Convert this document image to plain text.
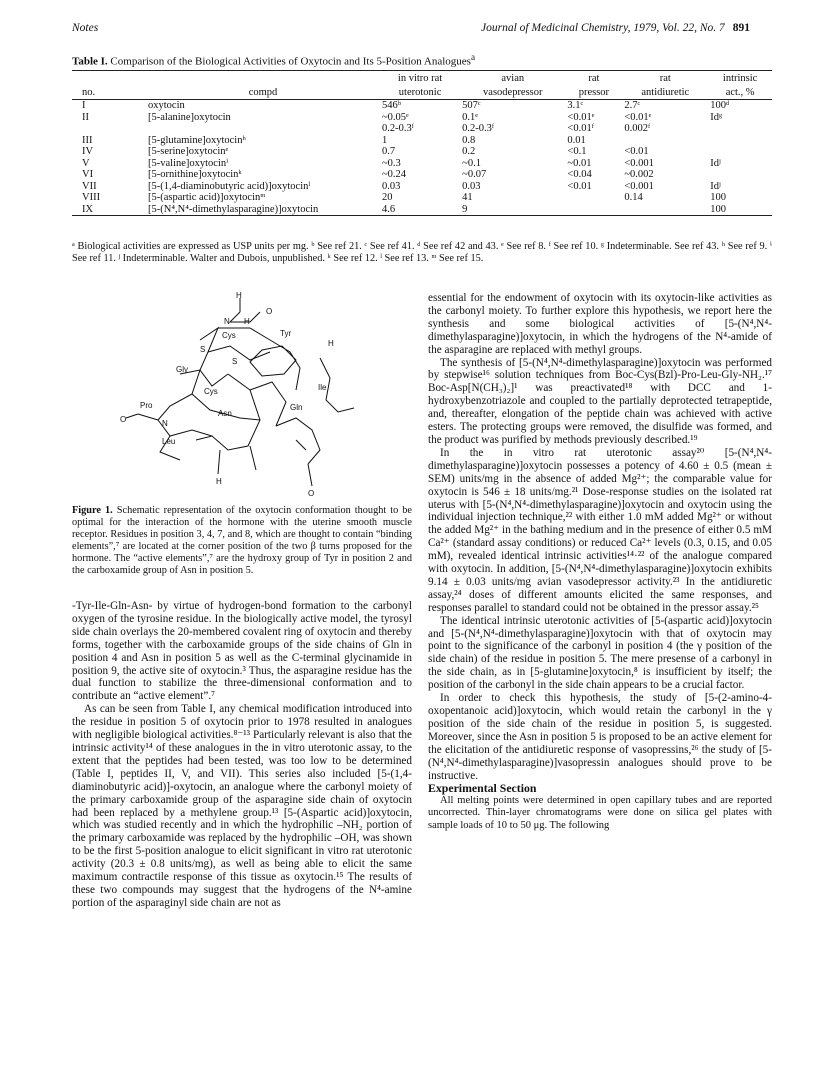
Notes	Journal of Medicinal Chemistry, 1979, Vol. 22, No. 7 891
Table I. Comparison of the Biological Activities of Oxytocin and Its 5-Position Analogues$^a$
		in vitro rat	avian	rat	rat	intrinsic
no.	compd	uterotonic	vasodepressor	pressor	antidiuretic	act., %
I	oxytocin	546ᵇ	507ᶜ	3.1ᶜ	2.7ᶜ	100ᵈ
II	[5-alanine]oxytocin	~0.05ᵉ	0.1ᵉ	<0.01ᵉ	<0.01ᵉ	Idᵍ
		0.2-0.3ᶠ	0.2-0.3ᶠ	<0.01ᶠ	0.002ᶠ	
III	[5-glutamine]oxytocinʰ	1	0.8	0.01		
IV	[5-serine]oxytocinᵉ	0.7	0.2	<0.1	<0.01	
V	[5-valine]oxytocinⁱ	~0.3	~0.1	~0.01	<0.001	Idʲ
VI	[5-ornithine]oxytocinᵏ	~0.24	~0.07	<0.04	~0.002	
VII	[5-(1,4-diaminobutyric acid)]oxytocinˡ	0.03	0.03	<0.01	<0.001	Idʲ
VIII	[5-(aspartic acid)]oxytocinᵐ	20	41		0.14	100
IX	[5-(N⁴,N⁴-dimethylasparagine)]oxytocin	4.6	9			100
ᵃ Biological activities are expressed as USP units per mg. ᵇ See ref 21. ᶜ See ref 41. ᵈ See ref 42 and 43. ᵉ See ref 8. ᶠ See ref 10. ᵍ Indeterminable. See ref 43. ʰ See ref 9. ⁱ See ref 11. ʲ Indeterminable. Walter and Dubois, unpublished. ᵏ See ref 12. ˡ See ref 13. ᵐ See ref 15.
H
N H
O
Cys	Tyr
S
H
S
Gly
Ile
Cys
Pro
Asn
O	N
Gln
Leu
H
O
Figure 1. Schematic representation of the oxytocin conformation thought to be optimal for the interaction of the hormone with the uterine smooth muscle receptor. Residues in position 3, 4, 7, and 8, which are thought to contain “binding elements”,⁷ are located at the corner position of the two β turns proposed for the hormone. The “active elements”,⁷ are the hydroxy group of Tyr in position 2 and the carboxamide group of Asn in position 5.

-Tyr-Ile-Gln-Asn- by virtue of hydrogen-bond formation to the carbonyl oxygen of the tyrosine residue. In the biologically active model, the tyrosyl side chain overlays the 20-membered covalent ring of oxytocin and thereby forms, together with the carboxamide groups of the side chains of Gln in position 4 and Asn in position 5 as well as the C-terminal glycinamide in position 9, the active site of oxytocin.³ Thus, the asparagine residue has the dual function to stabilize the three-dimensional conformation and to contribute an “active element”.⁷

As can be seen from Table I, any chemical modification introduced into the residue in position 5 of oxytocin prior to 1978 resulted in analogues with negligible biological activities.⁸⁻¹³ Particularly relevant is also that the intrinsic activity¹⁴ of these analogues in the in vitro uterotonic assay, to the extent that the peptides had been tested, was too low to be determined (Table I, peptides II, V, and VII). This series also included [5-(1,4-diaminobutyric acid)]-oxytocin, an analogue where the carbonyl moiety of the primary carboxamide group of the asparagine side chain of oxytocin had been replaced by a methylene group.¹³ [5-(Aspartic acid)]oxytocin, which was studied recently and in which the hydrophilic –NH₂ portion of the primary carboxamide was replaced by the hydrophilic –OH, was shown to be the first 5-position analogue to elicit significant in vitro rat uterotonic activity (20.3 ± 0.8 units/mg), as well as being able to elicit the same maximum contractile response of this tissue as oxytocin.¹⁵ The results of these two compounds may suggest that the hydrogens of the N⁴-amine portion of the asparaginyl side chain are not as

essential for the endowment of oxytocin with its oxytocin-like activities as the carbonyl moiety. To further explore this hypothesis, we report here the synthesis and some biological activities of [5-(N⁴,N⁴-dimethylasparagine)]oxytocin, in which the hydrogens of the N⁴-amide of the asparagine are replaced with methyl groups.

The synthesis of [5-(N⁴,N⁴-dimethylasparagine)]oxytocin was performed by stepwise¹⁶ solution techniques from Boc-Cys(Bzl)-Pro-Leu-Gly-NH₂.¹⁷ Boc-Asp[N(CH₃)₂]¹ was preactivated¹⁸ with DCC and 1-hydroxybenzotriazole and coupled to the partially deprotected tetrapeptide, and, thereafter, elongation of the peptide chain was achieved with active esters. The protecting groups were removed, the disulfide was formed, and the product was purified by methods previously described.¹⁹

In the in vitro rat uterotonic assay²⁰ [5-(N⁴,N⁴-dimethylasparagine)]oxytocin possesses a potency of 4.60 ± 0.5 (mean ± SEM) units/mg in the absence of added Mg²⁺; the comparable value for oxytocin is 546 ± 18 units/mg.²¹ Dose-response studies on the isolated rat uterus with [5-(N⁴,N⁴-dimethylasparagine)]oxytocin and oxytocin using the individual injection technique,²² with either 1.0 mM added Mg²⁺ or without the added Mg²⁺ in the bathing medium and in the presence of either 0.5 mM Ca²⁺ (standard assay conditions) or reduced Ca²⁺ levels (0.3, 0.15, and 0.05 mM), revealed identical intrinsic activities¹⁴·²² of the analogue compared with oxytocin. In addition, [5-(N⁴,N⁴-dimethylasparagine)]oxytocin exhibits 9.14 ± 0.03 units/mg avian vasodepressor activity.²³ In the antidiuretic assay,²⁴ doses of different amounts elicited the same responses, and responses parallel to standard could not be obtained in the pressor assay.²⁵

The identical intrinsic uterotonic activities of [5-(aspartic acid)]oxytocin and [5-(N⁴,N⁴-dimethylasparagine)]oxytocin with that of oxytocin may point to the significance of the carbonyl in position 4 (the γ position of the side chain) of the residue in position 5. The mere presense of a carbonyl in the side chain, as in [5-glutamine]oxytocin,⁸ is insufficient by itself; the position of the carbonyl in the side chain appears to be a crucial factor.

In order to check this hypothesis, the study of [5-(2-amino-4-oxopentanoic acid)]oxytocin, which would retain the carbonyl in the γ position of the side chain of the residue in position 5, is suggested. Moreover, since the Asn in position 5 is proposed to be an active element for the elicitation of the antidiuretic response of vasopressins,²⁶ the study of [5-(N⁴,N⁴-dimethylasparagine)]vasopressin analogues should prove to be instructive.

Experimental Section

All melting points were determined in open capillary tubes and are reported uncorrected. Thin-layer chromatograms were done on silica gel plates with sample loads of 10 to 50 μg. The following
